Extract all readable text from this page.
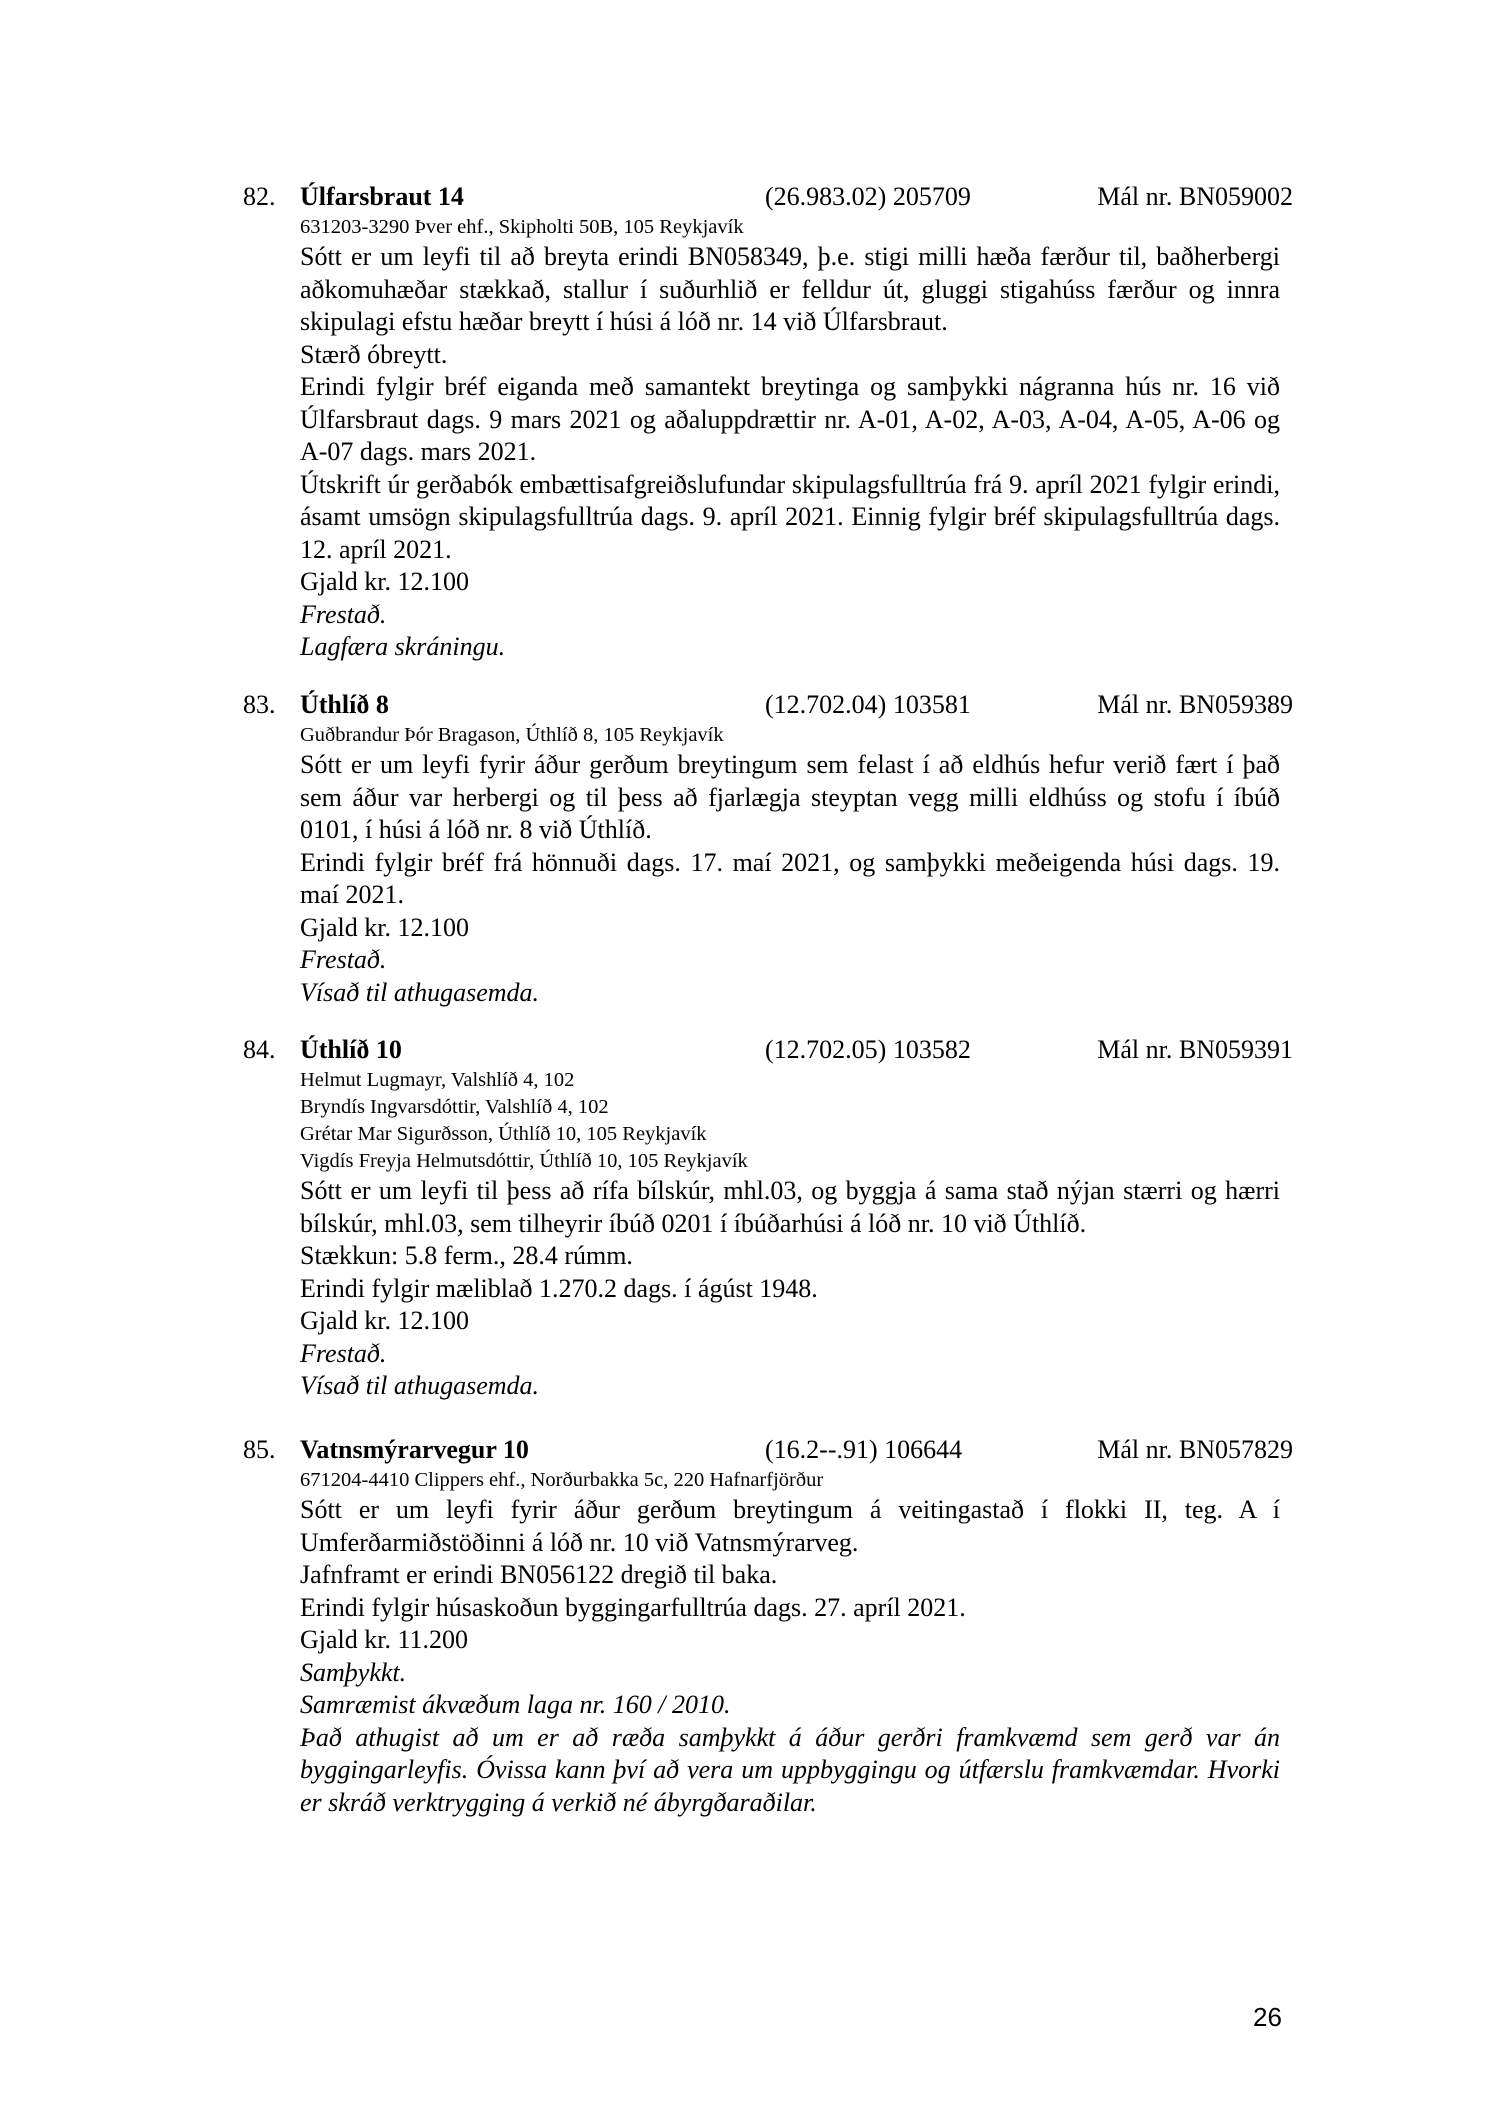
82. Úlfarsbraut 14	(26.983.02) 205709	Mál nr. BN059002
631203-3290 Þver ehf., Skipholti 50B, 105 Reykjavík
Sótt er um leyfi til að breyta erindi BN058349, þ.e. stigi milli hæða færður til, baðherbergi aðkomuhæðar stækkað, stallur í suðurhlið er felldur út, gluggi stigahúss færður og innra skipulagi efstu hæðar breytt í húsi á lóð nr. 14 við Úlfarsbraut.
Stærð óbreytt.
Erindi fylgir bréf eiganda með samantekt breytinga og samþykki nágranna hús nr. 16 við Úlfarsbraut dags. 9 mars 2021 og aðaluppdrættir nr. A-01, A-02, A-03, A-04, A-05, A-06 og A-07 dags. mars 2021.
Útskrift úr gerðabók embættisafgreiðslufundar skipulagsfulltrúa frá 9. apríl 2021 fylgir erindi, ásamt umsögn skipulagsfulltrúa dags. 9. apríl 2021. Einnig fylgir bréf skipulagsfulltrúa dags. 12. apríl 2021.
Gjald kr. 12.100
Frestað.
Lagfæra skráningu.
83. Úthlíð 8	(12.702.04) 103581	Mál nr. BN059389
Guðbrandur Þór Bragason, Úthlíð 8, 105 Reykjavík
Sótt er um leyfi fyrir áður gerðum breytingum sem felast í að eldhús hefur verið fært í það sem áður var herbergi og til þess að fjarlægja steyptan vegg milli eldhúss og stofu í íbúð 0101, í húsi á lóð nr. 8 við Úthlíð.
Erindi fylgir bréf frá hönnuði dags. 17. maí 2021, og samþykki meðeigenda húsi dags. 19. maí 2021.
Gjald kr. 12.100
Frestað.
Vísað til athugasemda.
84. Úthlíð 10	(12.702.05) 103582	Mál nr. BN059391
Helmut Lugmayr, Valshlíð 4, 102
Bryndís Ingvarsdóttir, Valshlíð 4, 102
Grétar Mar Sigurðsson, Úthlíð 10, 105 Reykjavík
Vigdís Freyja Helmutsdóttir, Úthlíð 10, 105 Reykjavík
Sótt er um leyfi til þess að rífa bílskúr, mhl.03, og byggja á sama stað nýjan stærri og hærri bílskúr, mhl.03, sem tilheyrir íbúð 0201 í íbúðarhúsi á lóð nr. 10 við Úthlíð.
Stækkun: 5.8 ferm., 28.4 rúmm.
Erindi fylgir mæliblað 1.270.2 dags. í ágúst 1948.
Gjald kr. 12.100
Frestað.
Vísað til athugasemda.
85. Vatnsmýrarvegur 10	(16.2--.91) 106644	Mál nr. BN057829
671204-4410 Clippers ehf., Norðurbakka 5c, 220 Hafnarfjörður
Sótt er um leyfi fyrir áður gerðum breytingum á veitingastað í flokki II, teg. A í Umferðarmiðstöðinni á lóð nr. 10 við Vatnsmýrarveg.
Jafnframt er erindi BN056122 dregið til baka.
Erindi fylgir húsaskoðun byggingarfulltrúa dags. 27. apríl 2021.
Gjald kr. 11.200
Samþykkt.
Samræmist ákvæðum laga nr. 160 / 2010.
Það athugist að um er að ræða samþykkt á áður gerðri framkvæmd sem gerð var án byggingarleyfis. Óvissa kann því að vera um uppbyggingu og útfærslu framkvæmdar. Hvorki er skráð verktrygging á verkið né ábyrgðaraðilar.
26
